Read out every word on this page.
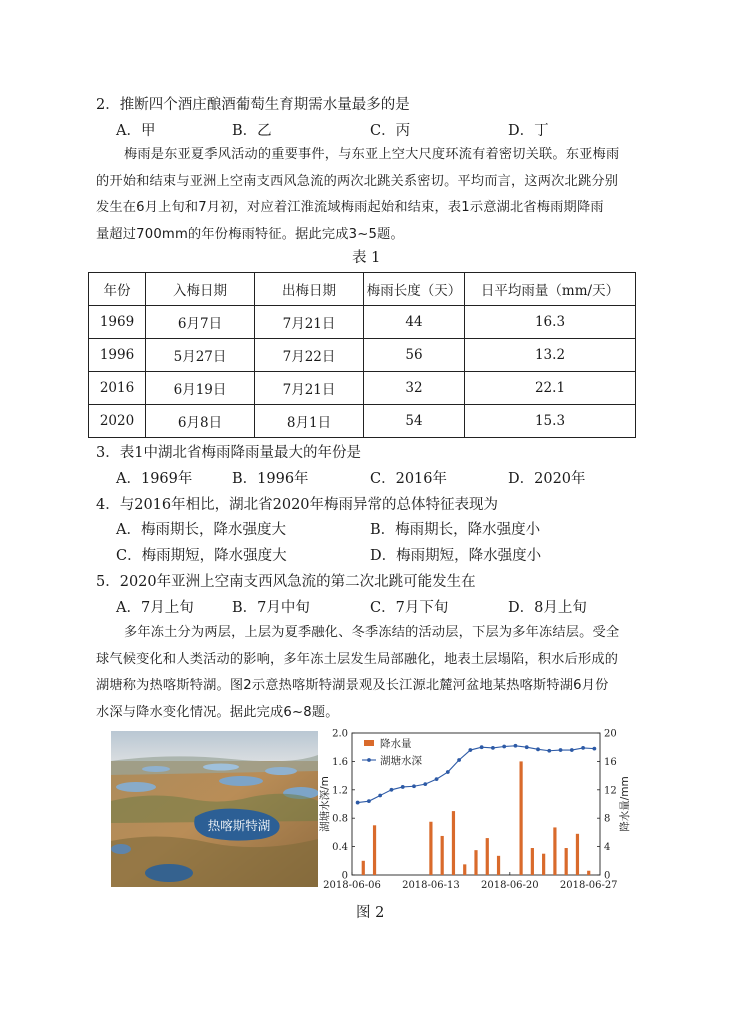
2．推断四个酒庄酿酒葡萄生育期需水量最多的是
A．甲	B．乙	C．丙	D．丁

梅雨是东亚夏季风活动的重要事件，与东亚上空大尺度环流有着密切关联。东亚梅雨

的开始和结束与亚洲上空南支西风急流的两次北跳关系密切。平均而言，这两次北跳分别

发生在6月上旬和7月初，对应着江淮流域梅雨起始和结束，表1示意湖北省梅雨期降雨

量超过700mm的年份梅雨特征。据此完成3~5题。

表 1
年份	入梅日期	出梅日期	梅雨长度（天）	日平均雨量（mm/天）
1969	6月7日	7月21日	44	16.3
1996	5月27日	7月22日	56	13.2
2016	6月19日	7月21日	32	22.1
2020	6月8日	8月1日	54	15.3
3．表1中湖北省梅雨降雨量最大的年份是
A．1969年	B．1996年	C．2016年	D．2020年
4．与2016年相比，湖北省2020年梅雨异常的总体特征表现为
A．梅雨期长，降水强度大	B．梅雨期长，降水强度小
C．梅雨期短，降水强度大	D．梅雨期短，降水强度小
5．2020年亚洲上空南支西风急流的第二次北跳可能发生在
A．7月上旬	B．7月中旬	C．7月下旬	D．8月上旬

多年冻土分为两层，上层为夏季融化、冬季冻结的活动层，下层为多年冻结层。受全

球气候变化和人类活动的影响，多年冻土层发生局部融化，地表土层塌陷，积水后形成的

湖塘称为热喀斯特湖。图2示意热喀斯特湖景观及长江源北麓河盆地某热喀斯特湖6月份

水深与降水变化情况。据此完成6~8题。

热喀斯特湖
0
0.4
0.8
1.2
1.6
2.0
0
4
8
12
16
20
2018-06-06 2018-06-13 2018-06-20 2018-06-27
湖塘水深/m	降水量/mm
降水量
湖塘水深
图 2
